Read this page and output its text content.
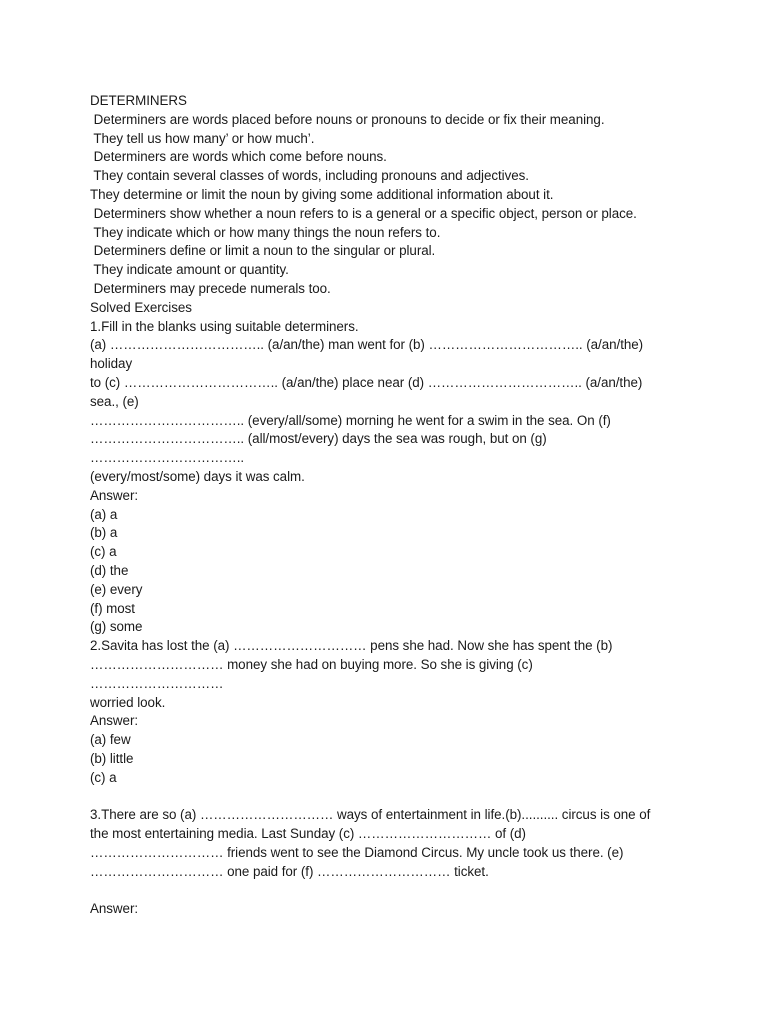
DETERMINERS
Determiners are words placed before nouns or pronouns to decide or fix their meaning.
They tell us how many’ or how much’.
Determiners are words which come before nouns.
They contain several classes of words, including pronouns and adjectives.
They determine or limit the noun by giving some additional information about it.
Determiners show whether a noun refers to is a general or a specific object, person or place.
They indicate which or how many things the noun refers to.
Determiners define or limit a noun to the singular or plural.
They indicate amount or quantity.
Determiners may precede numerals too.
Solved Exercises
1.Fill in the blanks using suitable determiners.
(a) …………………………….. (a/an/the) man went for (b) …………………………….. (a/an/the)
holiday
to (c) …………………………….. (a/an/the) place near (d) …………………………….. (a/an/the)
sea., (e)
…………………………….. (every/all/some) morning he went for a swim in the sea. On (f)
…………………………….. (all/most/every) days the sea was rough, but on (g)
……………………………..
(every/most/some) days it was calm.
Answer:
(a) a
(b) a
(c) a
(d) the
(e) every
(f) most
(g) some
2.Savita has lost the (a) ………………………… pens she had. Now she has spent the (b)
………………………… money she had on buying more. So she is giving (c)
…………………………
worried look.
Answer:
(a) few
(b) little
(c) a
3.There are so (a) ………………………… ways of entertainment in life.(b).......... circus is one of
the most entertaining media. Last Sunday (c) ………………………… of (d)
………………………… friends went to see the Diamond Circus. My uncle took us there. (e)
………………………… one paid for (f) ………………………… ticket.
Answer:
